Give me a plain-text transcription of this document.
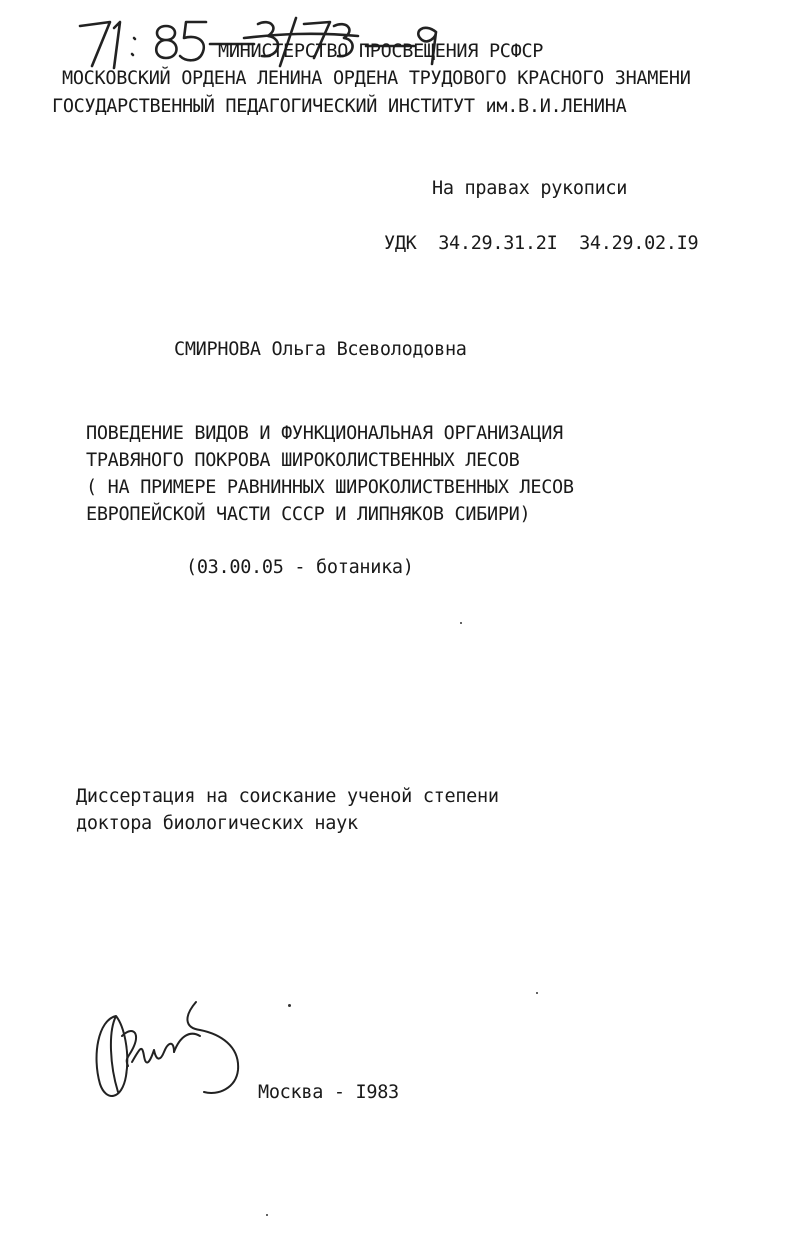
МИНИСТЕРСТВО ПРОСВЕЩЕНИЯ РСФСР
МОСКОВСКИЙ ОРДЕНА ЛЕНИНА ОРДЕНА ТРУДОВОГО КРАСНОГО ЗНАМЕНИ
ГОСУДАРСТВЕННЫЙ ПЕДАГОГИЧЕСКИЙ ИНСТИТУТ им.В.И.ЛЕНИНА
На правах рукописи
УДК  34.29.31.2I  34.29.02.I9
СМИРНОВА Ольга Всеволодовна
ПОВЕДЕНИЕ ВИДОВ И ФУНКЦИОНАЛЬНАЯ ОРГАНИЗАЦИЯ
ТРАВЯНОГО ПОКРОВА ШИРОКОЛИСТВЕННЫХ ЛЕСОВ
( НА ПРИМЕРЕ РАВНИННЫХ ШИРОКОЛИСТВЕННЫХ ЛЕСОВ
ЕВРОПЕЙСКОЙ ЧАСТИ СССР И ЛИПНЯКОВ СИБИРИ)
(03.00.05 - ботаника)
Диссертация на соискание ученой степени
доктора биологических наук
Москва - I983
